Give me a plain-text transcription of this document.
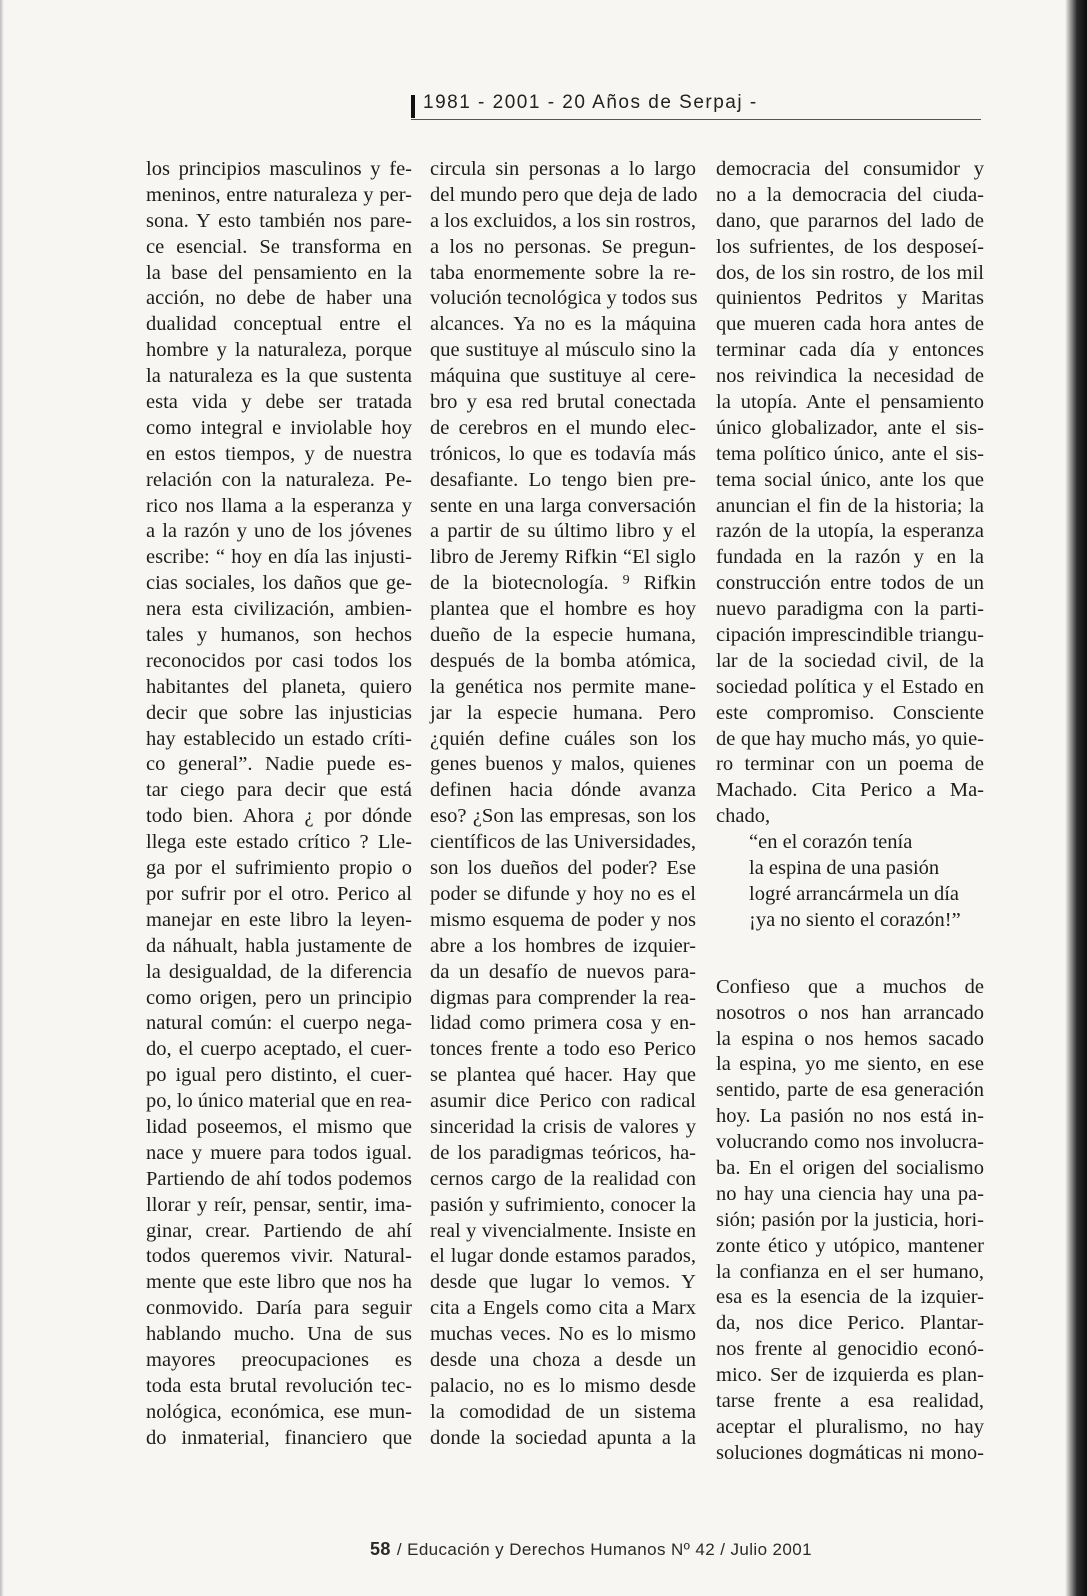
1981 - 2001 - 20 Años de Serpaj -
los principios masculinos y fe-
meninos, entre naturaleza y per-
sona. Y esto también nos pare-
ce esencial. Se transforma en
la base del pensamiento en la
acción, no debe de haber una
dualidad conceptual entre el
hombre y la naturaleza, porque
la naturaleza es la que sustenta
esta vida y debe ser tratada
como integral e inviolable hoy
en estos tiempos, y de nuestra
relación con la naturaleza. Pe-
rico nos llama a la esperanza y
a la razón y uno de los jóvenes
escribe: “ hoy en día las injusti-
cias sociales, los daños que ge-
nera esta civilización, ambien-
tales y humanos, son hechos
reconocidos por casi todos los
habitantes del planeta, quiero
decir que sobre las injusticias
hay establecido un estado críti-
co general”. Nadie puede es-
tar ciego para decir que está
todo bien. Ahora ¿ por dónde
llega este estado crítico ? Lle-
ga por el sufrimiento propio o
por sufrir por el otro. Perico al
manejar en este libro la leyen-
da náhualt, habla justamente de
la desigualdad, de la diferencia
como origen, pero un principio
natural común: el cuerpo nega-
do, el cuerpo aceptado, el cuer-
po igual pero distinto, el cuer-
po, lo único material que en rea-
lidad poseemos, el mismo que
nace y muere para todos igual.
Partiendo de ahí todos podemos
llorar y reír, pensar, sentir, ima-
ginar, crear. Partiendo de ahí
todos queremos vivir. Natural-
mente que este libro que nos ha
conmovido. Daría para seguir
hablando mucho. Una de sus
mayores preocupaciones es
toda esta brutal revolución tec-
nológica, económica, ese mun-
do inmaterial, financiero que
circula sin personas a lo largo
del mundo pero que deja de lado
a los excluidos, a los sin rostros,
a los no personas. Se pregun-
taba enormemente sobre la re-
volución tecnológica y todos sus
alcances. Ya no es la máquina
que sustituye al músculo sino la
máquina que sustituye al cere-
bro y esa red brutal conectada
de cerebros en el mundo elec-
trónicos, lo que es todavía más
desafiante. Lo tengo bien pre-
sente en una larga conversación
a partir de su último libro y el
libro de Jeremy Rifkin “El siglo
de la biotecnología. ⁹ Rifkin
plantea que el hombre es hoy
dueño de la especie humana,
después de la bomba atómica,
la genética nos permite mane-
jar la especie humana. Pero
¿quién define cuáles son los
genes buenos y malos, quienes
definen hacia dónde avanza
eso? ¿Son las empresas, son los
científicos de las Universidades,
son los dueños del poder? Ese
poder se difunde y hoy no es el
mismo esquema de poder y nos
abre a los hombres de izquier-
da un desafío de nuevos para-
digmas para comprender la rea-
lidad como primera cosa y en-
tonces frente a todo eso Perico
se plantea qué hacer. Hay que
asumir dice Perico con radical
sinceridad la crisis de valores y
de los paradigmas teóricos, ha-
cernos cargo de la realidad con
pasión y sufrimiento, conocer la
real y vivencialmente. Insiste en
el lugar donde estamos parados,
desde que lugar lo vemos. Y
cita a Engels como cita a Marx
muchas veces. No es lo mismo
desde una choza a desde un
palacio, no es lo mismo desde
la comodidad de un sistema
donde la sociedad apunta a la
democracia del consumidor y
no a la democracia del ciuda-
dano, que pararnos del lado de
los sufrientes, de los desposeí-
dos, de los sin rostro, de los mil
quinientos Pedritos y Maritas
que mueren cada hora antes de
terminar cada día y entonces
nos reivindica la necesidad de
la utopía. Ante el pensamiento
único globalizador, ante el sis-
tema político único, ante el sis-
tema social único, ante los que
anuncian el fin de la historia; la
razón de la utopía, la esperanza
fundada en la razón y en la
construcción entre todos de un
nuevo paradigma con la parti-
cipación imprescindible triangu-
lar de la sociedad civil, de la
sociedad política y el Estado en
este compromiso. Consciente
de que hay mucho más, yo quie-
ro terminar con un poema de
Machado. Cita Perico a Ma-
chado,
“en el corazón tenía
la espina de una pasión
logré arrancármela un día
¡ya no siento el corazón!”
Confieso que a muchos de
nosotros o nos han arrancado
la espina o nos hemos sacado
la espina, yo me siento, en ese
sentido, parte de esa generación
hoy. La pasión no nos está in-
volucrando como nos involucra-
ba. En el origen del socialismo
no hay una ciencia hay una pa-
sión; pasión por la justicia, hori-
zonte ético y utópico, mantener
la confianza en el ser humano,
esa es la esencia de la izquier-
da, nos dice Perico. Plantar-
nos frente al genocidio econó-
mico. Ser de izquierda es plan-
tarse frente a esa realidad,
aceptar el pluralismo, no hay
soluciones dogmáticas ni mono-
58 / Educación y Derechos Humanos Nº 42 / Julio 2001
